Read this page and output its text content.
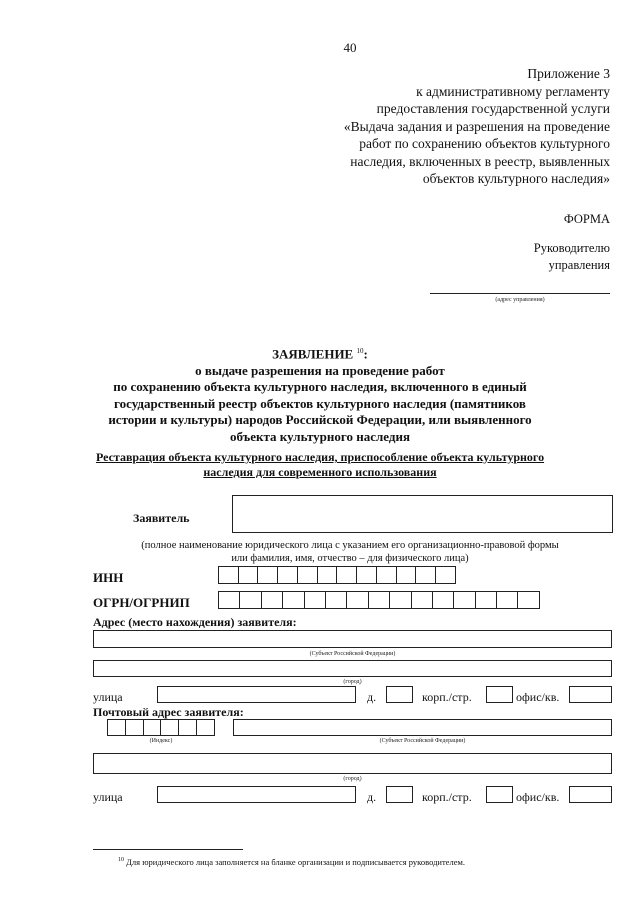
40
Приложение 3
к административному регламенту
предоставления государственной услуги
«Выдача задания и разрешения на проведение
работ по сохранению объектов культурного
наследия, включенных в реестр, выявленных
объектов культурного наследия»
ФОРМА
Руководителю
управления
(адрес управления)
ЗАЯВЛЕНИЕ $^{10}$:
о выдаче разрешения на проведение работ
по сохранению объекта культурного наследия, включенного в единый
государственный реестр объектов культурного наследия (памятников
истории и культуры) народов Российской Федерации, или выявленного
объекта культурного наследия
Реставрация объекта культурного наследия, приспособление объекта культурного
наследия для современного использования
Заявитель
(полное наименование юридического лица с указанием его организационно-правовой формы
или фамилия, имя, отчество – для физического лица)
ИНН
ОГРН/ОГРНИП
Адрес (место нахождения) заявителя:
(Субъект Российской Федерации)
(город)
улица	д.	корп./стр.	офис/кв.
Почтовый адрес заявителя:
(Индекс)	(Субъект Российской Федерации)
(город)
улица	д.	корп./стр.	офис/кв.
$^{10}$ Для юридического лица заполняется на бланке организации и подписывается руководителем.
